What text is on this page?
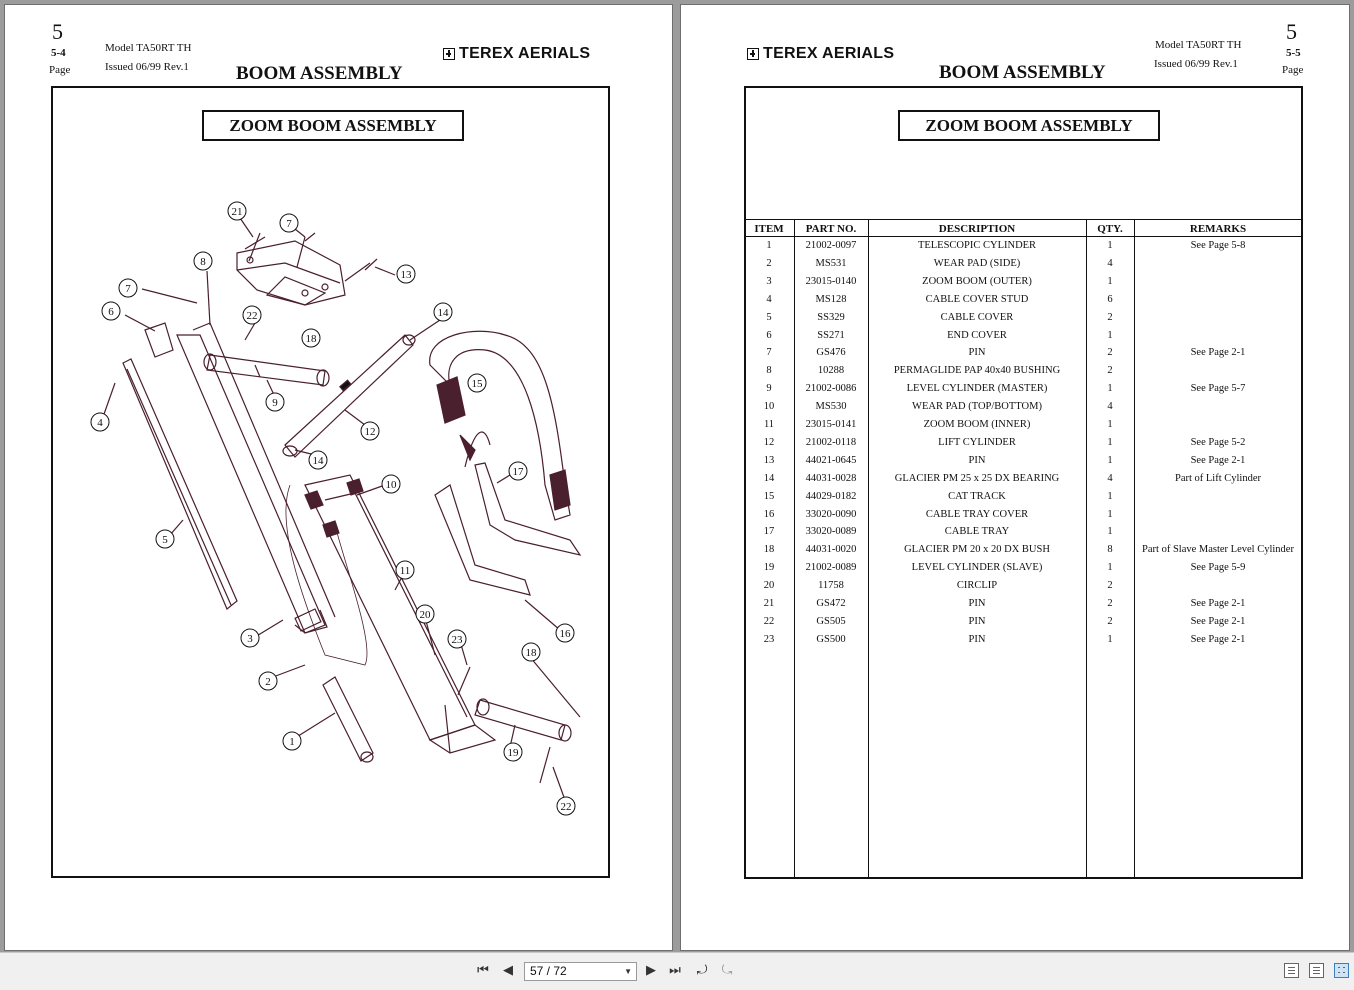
5
5-4
Page
Model TA50RT TH
Issued 06/99 Rev.1
TEREX AERIALS
BOOM ASSEMBLY
ZOOM BOOM ASSEMBLY
21
7
8
13
7
6	22
18
14
15
4
9
12
14
10
17
5
11
20
23
18
3	16
2
1
19
22
TEREX AERIALS
BOOM ASSEMBLY
Model TA50RT TH
Issued 06/99 Rev.1
5
5-5
Page
ZOOM BOOM ASSEMBLY
ITEM	PART NO.	DESCRIPTION	QTY.	REMARKS
1	21002-0097	TELESCOPIC CYLINDER	1	See Page 5-8
2	MS531	WEAR PAD (SIDE)	4
3	23015-0140	ZOOM BOOM (OUTER)	1
4	MS128	CABLE COVER STUD	6
5	SS329	CABLE COVER	2
6	SS271	END COVER	1
7	GS476	PIN	2	See Page 2-1
8	10288	PERMAGLIDE PAP 40x40 BUSHING	2
9	21002-0086	LEVEL CYLINDER (MASTER)	1	See Page 5-7
10	MS530	WEAR PAD (TOP/BOTTOM)	4
11	23015-0141	ZOOM BOOM (INNER)	1
12	21002-0118	LIFT CYLINDER	1	See Page 5-2
13	44021-0645	PIN	1	See Page 2-1
14	44031-0028	GLACIER PM 25 x 25 DX BEARING	4	Part of Lift Cylinder
15	44029-0182	CAT TRACK	1
16	33020-0090	CABLE TRAY COVER	1
17	33020-0089	CABLE TRAY	1
18	44031-0020	GLACIER PM 20 x 20 DX BUSH	8	Part of Slave Master Level Cylinder
19	21002-0089	LEVEL CYLINDER (SLAVE)	1	See Page 5-9
20	11758	CIRCLIP	2
21	GS472	PIN	2	See Page 2-1
22	GS505	PIN	2	See Page 2-1
23	GS500	PIN	1	See Page 2-1
⏮ ◀	57 / 72	▼ ▶ ⏭ ⤾ ⤿
